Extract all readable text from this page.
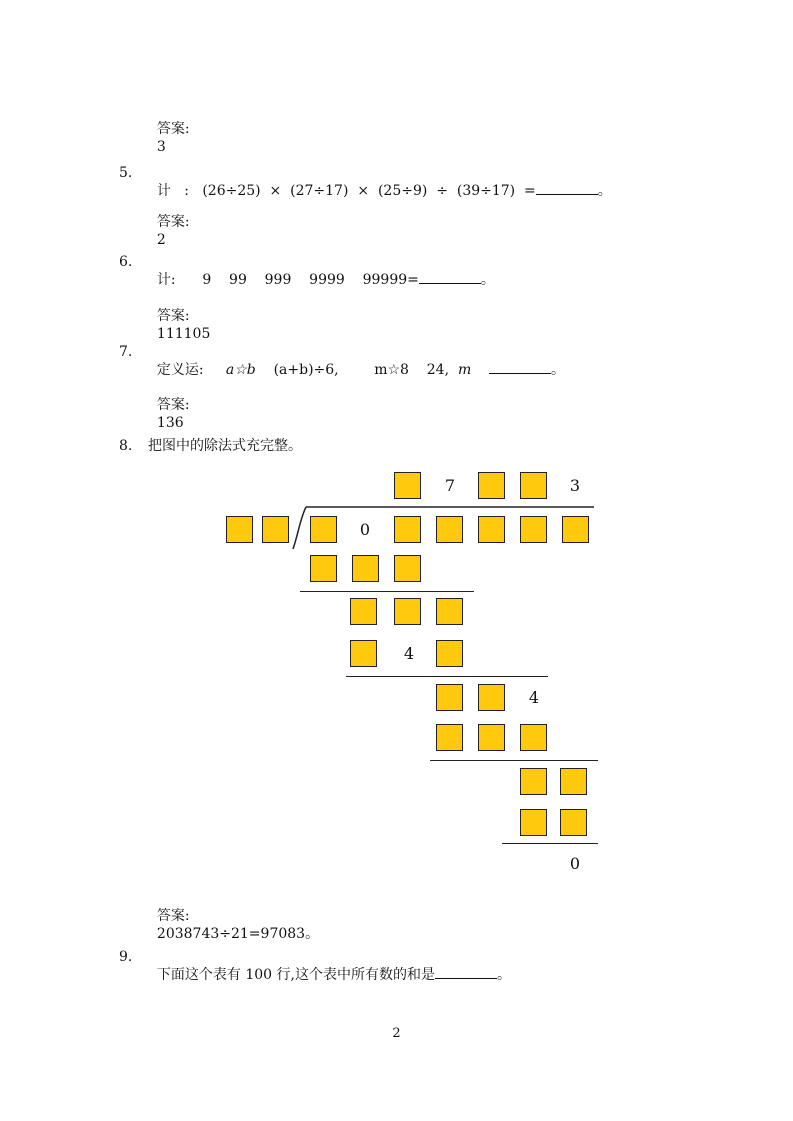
答案:
3

5.

计   :   (26÷25)  ×  (27÷17)  ×  (25÷9)  ÷  (39÷17)  =	。

答案:
2

6.

计:      9    99    999    9999    99999=	。

答案:
111105

7.

定义运: a☆b (a+b)÷6,	m☆8    24, m	。

答案:
136

8. 把图中的除法式充完整。
7	3
0
4
4
0

答案:
2038743÷21=97083。

9.

下面这个表有 100 行,这个表中所有数的和是	。

2
